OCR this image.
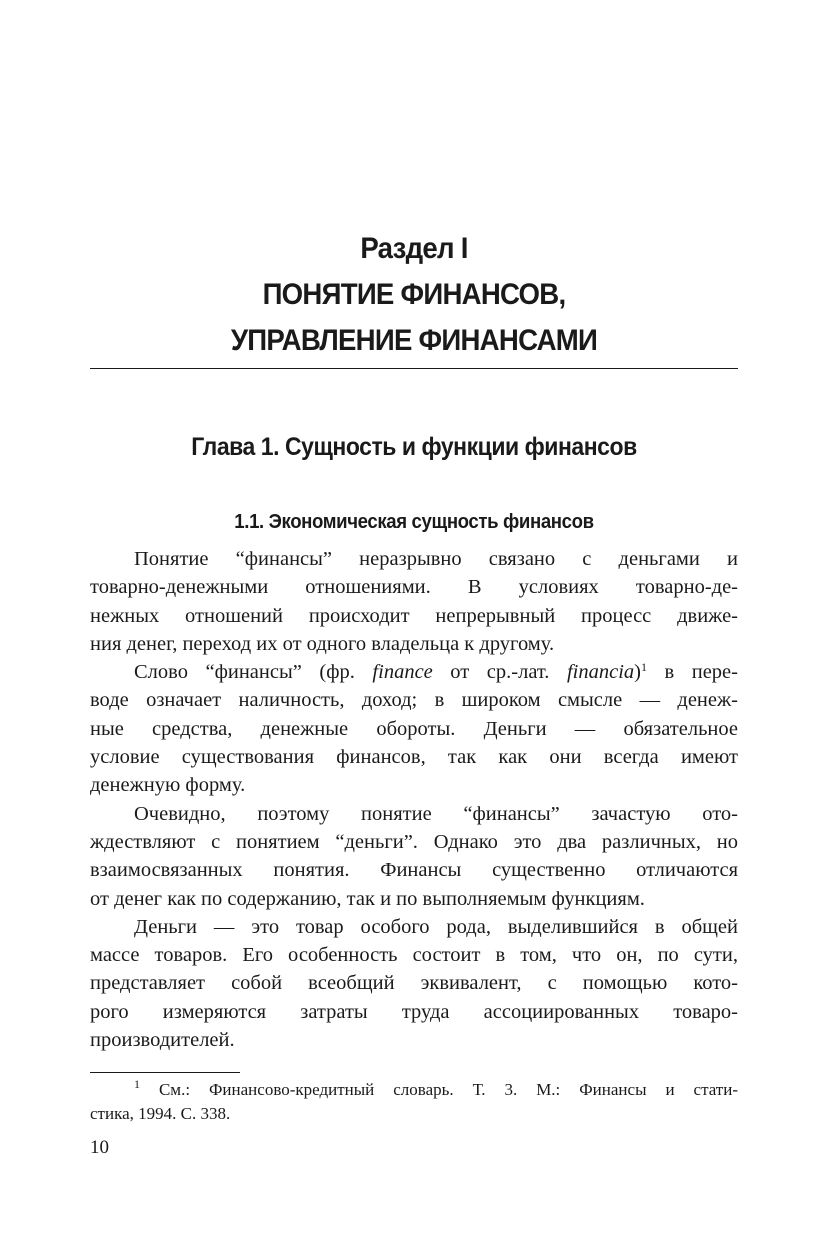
Раздел I
ПОНЯТИЕ ФИНАНСОВ,
УПРАВЛЕНИЕ ФИНАНСАМИ
Глава 1. Сущность и функции финансов
1.1. Экономическая сущность финансов

Понятие “финансы” неразрывно связано с деньгами и
товарно-денежными отношениями. В условиях товарно-де-
нежных отношений происходит непрерывный процесс движе-
ния денег, переход их от одного владельца к другому.

Слово “финансы” (фр. finance от ср.-лат. financia)$^1$ в пере-
воде означает наличность, доход; в широком смысле — денеж-
ные средства, денежные обороты. Деньги — обязательное
условие существования финансов, так как они всегда имеют
денежную форму.

Очевидно, поэтому понятие “финансы” зачастую ото-
ждествляют с понятием “деньги”. Однако это два различных, но
взаимосвязанных понятия. Финансы существенно отличаются
от денег как по содержанию, так и по выполняемым функциям.

Деньги — это товар особого рода, выделившийся в общей
массе товаров. Его особенность состоит в том, что он, по сути,
представляет собой всеобщий эквивалент, с помощью кото-
рого измеряются затраты труда ассоциированных товаро-
производителей.

$^1$ См.: Финансово-кредитный словарь. Т. 3. М.: Финансы и стати-
стика, 1994. С. 338.
10
